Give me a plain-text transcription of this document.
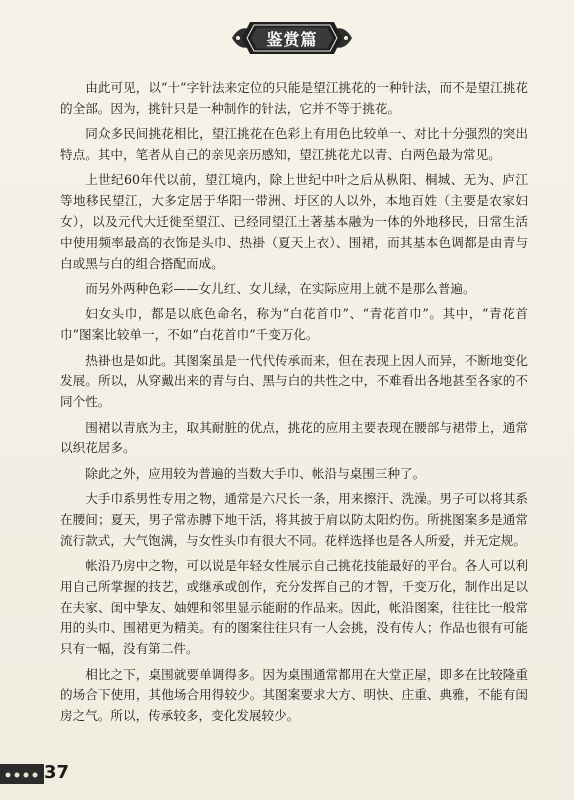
鉴赏篇

由此可见，以“十”字针法来定位的只能是望江挑花的一种针法，而不是望江挑花的全部。因为，挑针只是一种制作的针法，它并不等于挑花。

同众多民间挑花相比，望江挑花在色彩上有用色比较单一、对比十分强烈的突出特点。其中，笔者从自己的亲见亲历感知，望江挑花尤以青、白两色最为常见。

上世纪60年代以前，望江境内，除上世纪中叶之后从枞阳、桐城、无为、庐江等地移民望江，大多定居于华阳一带洲、圩区的人以外，本地百姓（主要是农家妇女），以及元代大迁徙至望江、已经同望江土著基本融为一体的外地移民，日常生活中使用频率最高的衣饰是头巾、热褂（夏天上衣）、围裙，而其基本色调都是由青与白或黑与白的组合搭配而成。

而另外两种色彩——女儿红、女儿绿，在实际应用上就不是那么普遍。

妇女头巾，都是以底色命名，称为“白花首巾”、“青花首巾”。其中，“青花首巾”图案比较单一，不如“白花首巾”千变万化。

热褂也是如此。其图案虽是一代代传承而来，但在表现上因人而异，不断地变化发展。所以，从穿戴出来的青与白、黑与白的共性之中，不难看出各地甚至各家的不同个性。

围裙以青底为主，取其耐脏的优点，挑花的应用主要表现在腰部与裙带上，通常以织花居多。

除此之外，应用较为普遍的当数大手巾、帐沿与桌围三种了。

大手巾系男性专用之物，通常是六尺长一条，用来擦汗、洗澡。男子可以将其系在腰间；夏天，男子常赤膊下地干活，将其披于肩以防太阳灼伤。所挑图案多是通常流行款式，大气饱满，与女性头巾有很大不同。花样选择也是各人所爱，并无定规。

帐沿乃房中之物，可以说是年轻女性展示自己挑花技能最好的平台。各人可以利用自己所掌握的技艺，或继承或创作，充分发挥自己的才智，千变万化，制作出足以在夫家、闺中挚友、妯娌和邻里显示能耐的作品来。因此，帐沿图案，往往比一般常用的头巾、围裙更为精美。有的图案往往只有一人会挑，没有传人；作品也很有可能只有一幅，没有第二件。

相比之下，桌围就要单调得多。因为桌围通常都用在大堂正屋，即多在比较隆重的场合下使用，其他场合用得较少。其图案要求大方、明快、庄重、典雅，不能有闺房之气。所以，传承较多，变化发展较少。

37
